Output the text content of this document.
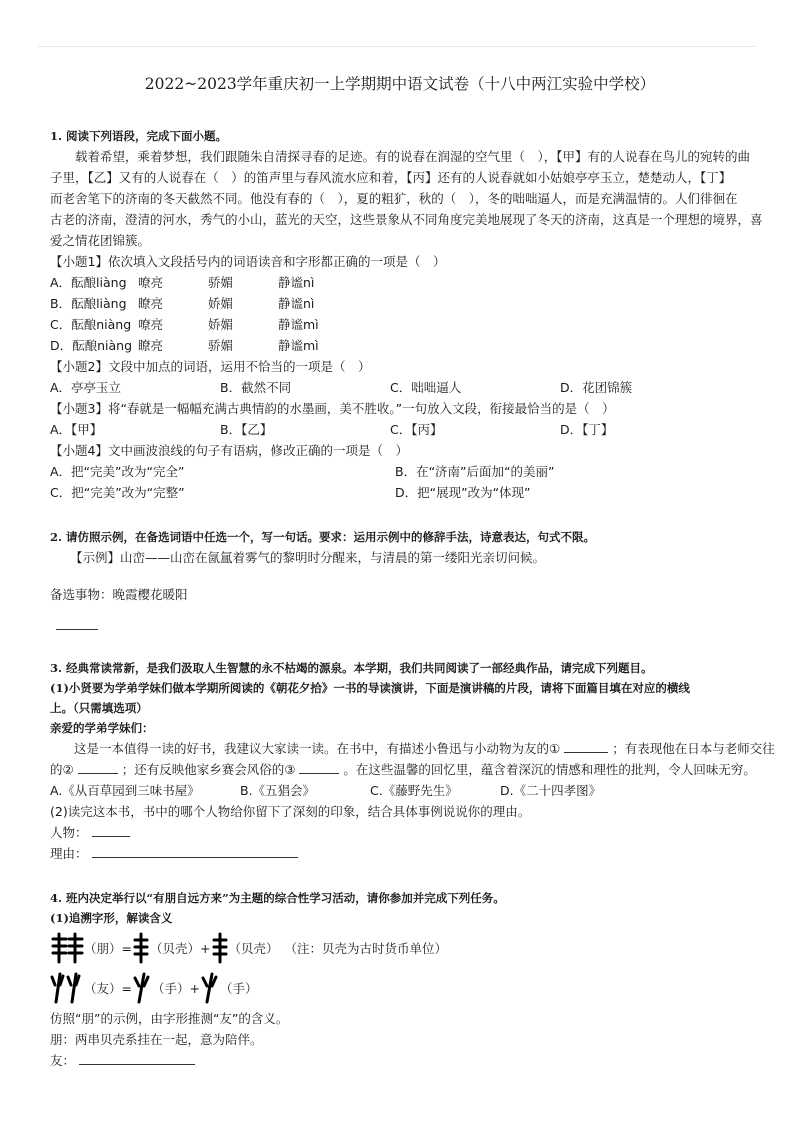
2022~2023学年重庆初一上学期期中语文试卷（十八中两江实验中学校）

1. 阅读下列语段，完成下面小题。

载着希望，乘着梦想，我们跟随朱自清探寻春的足迹。有的说春在润湿的空气里（　），【甲】有的人说春在鸟儿的宛转的曲

子里，【乙】又有的人说春在（　）的笛声里与春风流水应和着，【丙】还有的人说春就如小姑娘亭亭玉立，楚楚动人，【丁】

而老舍笔下的济南的冬天截然不同。他没有春的（　），夏的粗犷，秋的（　），冬的咄咄逼人，而是充满温情的。人们徘徊在

古老的济南，澄清的河水，秀气的小山，蓝光的天空，这些景象从不同角度完美地展现了冬天的济南，这真是一个理想的境界，喜

爱之情花团锦簇。

【小题1】依次填入文段括号内的词语读音和字形都正确的一项是（　）

A．酝酿liàng 嘹亮	骄媚	静谧nì
B．酝酿liàng 瞭亮	娇媚	静谧nì
C．酝酿niàng 嘹亮	娇媚	静谧mì
D．酝酿niàng 瞭亮	骄媚	静谧mì

【小题2】文段中加点的词语，运用不恰当的一项是（　）

A．亭亭玉立	B．截然不同	C．咄咄逼人	D．花团锦簇

【小题3】将“春就是一幅幅充满古典情韵的水墨画，美不胜收。”一句放入文段，衔接最恰当的是（　）

A．【甲】	B．【乙】	C．【丙】	D．【丁】

【小题4】文中画波浪线的句子有语病，修改正确的一项是（　）

A．把“完美”改为“完全”	B．在“济南”后面加“的美丽”
C．把“完美”改为“完整”	D．把“展现”改为“体现”

2. 请仿照示例，在备选词语中任选一个，写一句话。要求：运用示例中的修辞手法，诗意表达，句式不限。

【示例】山峦——山峦在氤氲着雾气的黎明时分醒来，与清晨的第一缕阳光亲切问候。

备选事物：晚霞樱花暖阳

3. 经典常读常新，是我们汲取人生智慧的永不枯竭的源泉。本学期，我们共同阅读了一部经典作品，请完成下列题目。

(1)小贤要为学弟学妹们做本学期所阅读的《朝花夕拾》一书的导读演讲，下面是演讲稿的片段，请将下面篇目填在对应的横线

上。（只需填选项）

亲爱的学弟学妹们：

这是一本值得一读的好书，我建议大家读一读。在书中，有描述小鲁迅与小动物为友的①	；有表现他在日本与老师交往

的②	；还有反映他家乡赛会风俗的③	。在这些温馨的回忆里，蕴含着深沉的情感和理性的批判，令人回味无穷。

A.《从百草园到三味书屋》	B.《五猖会》	C.《藤野先生》	D.《二十四孝图》

(2)读完这本书，书中的哪个人物给你留下了深刻的印象，结合具体事例说说你的理由。

人物：

理由：

4. 班内决定举行以“有朋自远方来”为主题的综合性学习活动，请你参加并完成下列任务。

(1)追溯字形，解读含义

（朋） = （贝壳） + （贝壳） （注：贝壳为古时货币单位）
（友） = （手） + （手）

仿照“朋”的示例，由字形推测“友”的含义。

朋：两串贝壳系挂在一起，意为陪伴。

友：
